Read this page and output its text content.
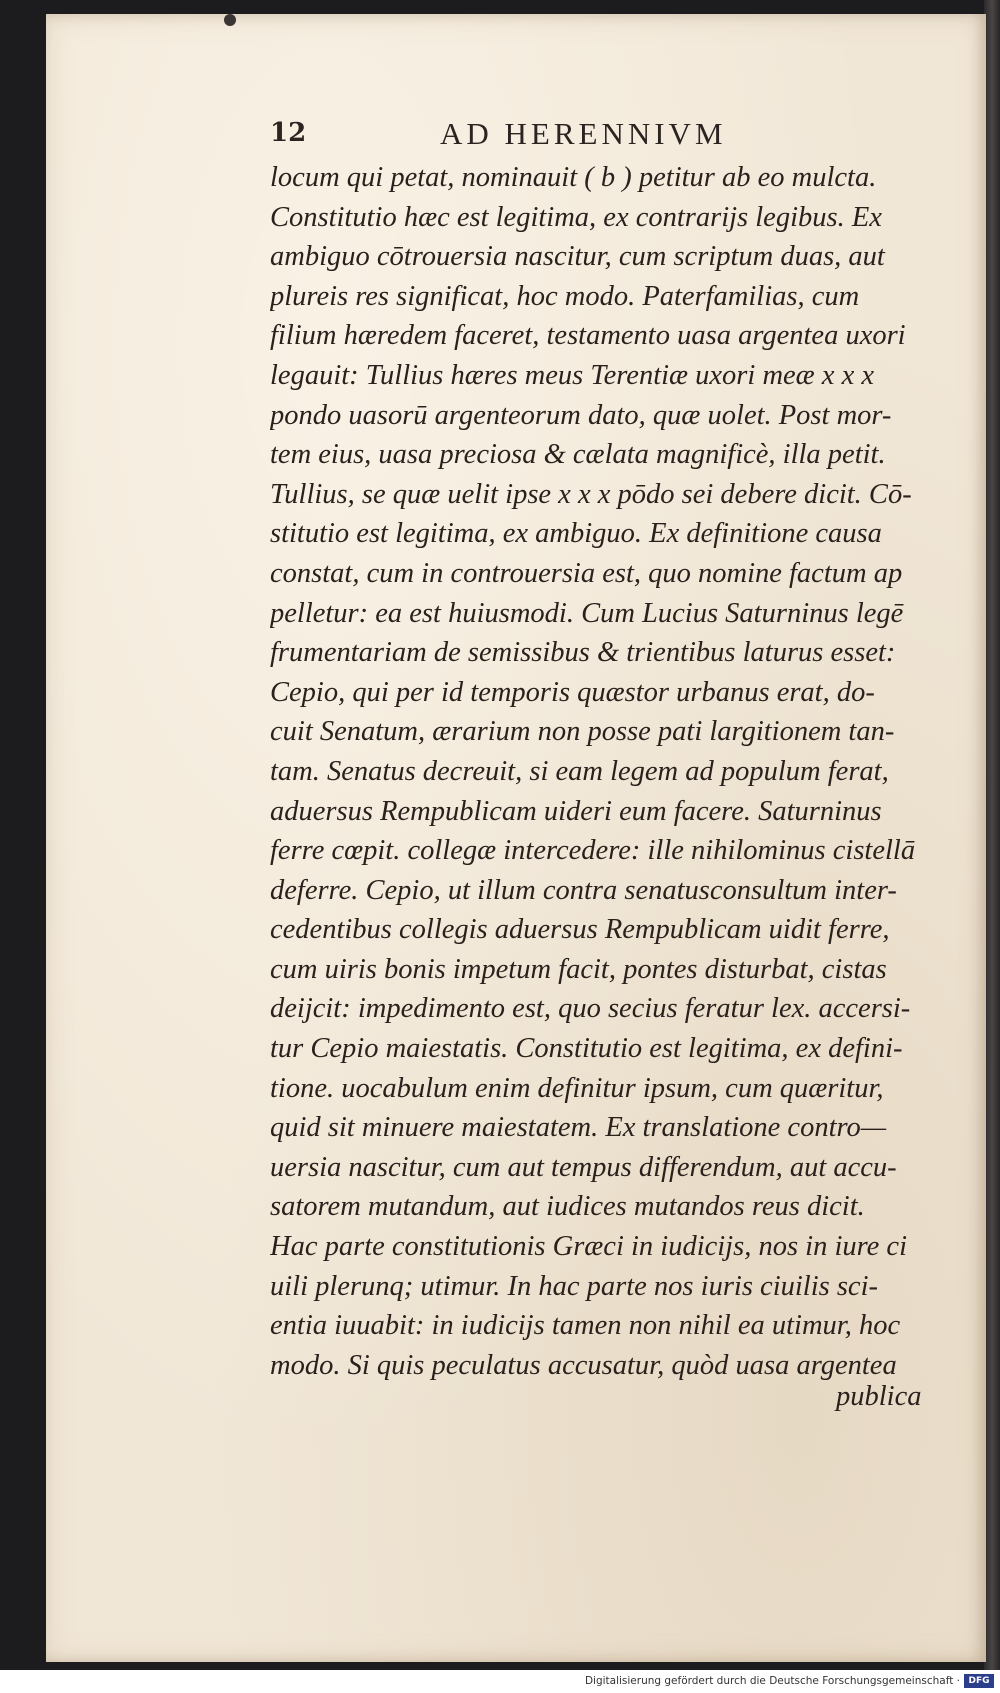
12	AD HERENNIVM
locum qui petat, nominauit ( b ) petitur ab eo mulcta.
Constitutio hæc est legitima, ex contrarijs legibus. Ex
ambiguo cōtrouersia nascitur, cum scriptum duas, aut
plureis res significat, hoc modo. Paterfamilias, cum
filium hæredem faceret, testamento uasa argentea uxori
legauit: Tullius hæres meus Terentiæ uxori meæ x x x
pondo uasorū argenteorum dato, quæ uolet. Post mor-
tem eius, uasa preciosa & cælata magnificè, illa petit.
Tullius, se quæ uelit ipse x x x pōdo sei debere dicit. Cō-
stitutio est legitima, ex ambiguo. Ex definitione causa
constat, cum in controuersia est, quo nomine factum ap
pelletur: ea est huiusmodi. Cum Lucius Saturninus legē
frumentariam de semissibus & trientibus laturus esset:
Cepio, qui per id temporis quæstor urbanus erat, do-
cuit Senatum, ærarium non posse pati largitionem tan-
tam. Senatus decreuit, si eam legem ad populum ferat,
aduersus Rempublicam uideri eum facere. Saturninus
ferre cœpit. collegæ intercedere: ille nihilominus cistellā
deferre. Cepio, ut illum contra senatusconsultum inter-
cedentibus collegis aduersus Rempublicam uidit ferre,
cum uiris bonis impetum facit, pontes disturbat, cistas
deijcit: impedimento est, quo secius feratur lex. accersi-
tur Cepio maiestatis. Constitutio est legitima, ex defini-
tione. uocabulum enim definitur ipsum, cum quæritur,
quid sit minuere maiestatem. Ex translatione contro—
uersia nascitur, cum aut tempus differendum, aut accu-
satorem mutandum, aut iudices mutandos reus dicit.
Hac parte constitutionis Græci in iudicijs, nos in iure ci
uili plerunq; utimur. In hac parte nos iuris ciuilis sci-
entia iuuabit: in iudicijs tamen non nihil ea utimur, hoc
modo. Si quis peculatus accusatur, quòd uasa argentea
publica
Digitalisierung gefördert durch die Deutsche Forschungsgemeinschaft · DFG
